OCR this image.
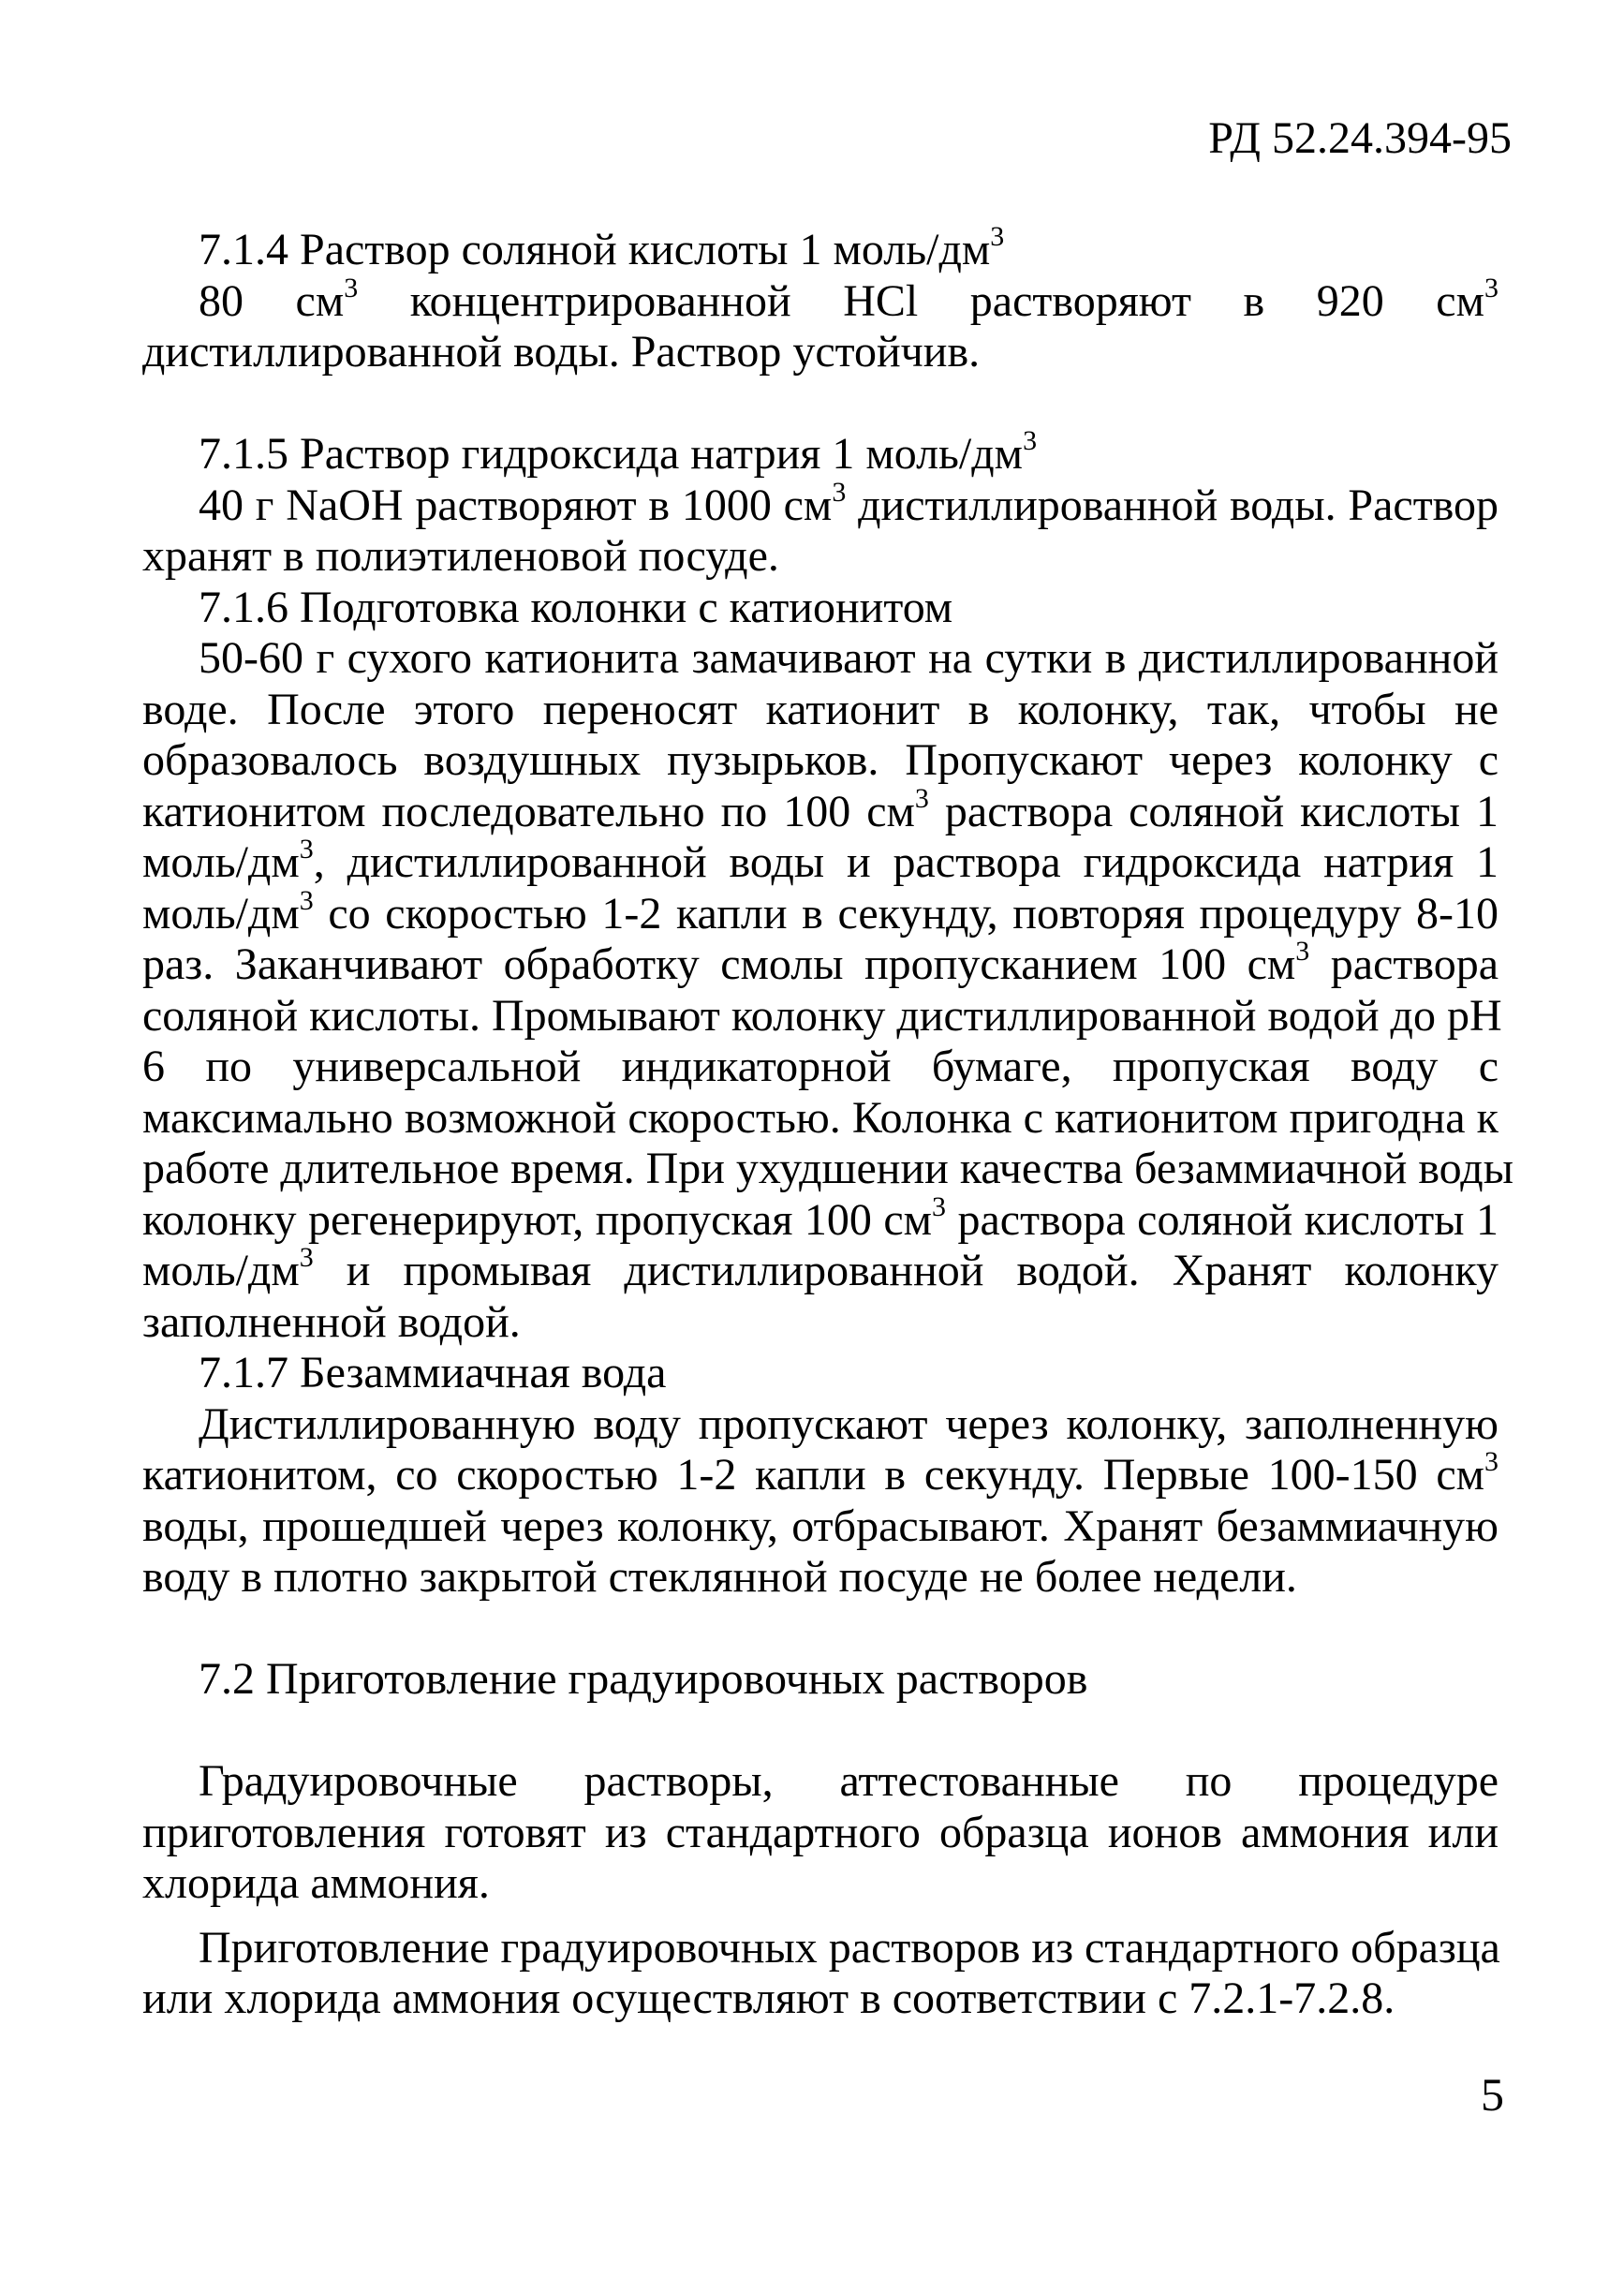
РД 52.24.394-95
7.1.4 Раствор соляной кислоты 1 моль/$дм^3$
80 $см^3$ концентрированной НCl растворяют в 920 $см^3$
дистиллированной воды. Раствор устойчив.
7.1.5 Раствор гидроксида натрия 1 моль/$дм^3$
40 г NaOH растворяют в 1000 $см^3$ дистиллированной воды. Раствор
хранят в полиэтиленовой посуде.
7.1.6 Подготовка колонки с катионитом
50-60 г сухого катионита замачивают на сутки в дистиллированной
воде. После этого переносят катионит в колонку, так, чтобы не
образовалось воздушных пузырьков. Пропускают через колонку с
катионитом последовательно по 100 $см^3$ раствора соляной кислоты 1
моль/$дм^3$, дистиллированной воды и раствора гидроксида натрия 1
моль/$дм^3$ со скоростью 1-2 капли в секунду, повторяя процедуру 8-10
раз. Заканчивают обработку смолы пропусканием 100 $см^3$ раствора
соляной кислоты. Промывают колонку дистиллированной водой до pH
6 по универсальной индикаторной бумаге, пропуская воду с
максимально возможной скоростью. Колонка с катионитом пригодна к
работе длительное время. При ухудшении качества безаммиачной воды
колонку регенерируют, пропуская 100 $см^3$ раствора соляной кислоты 1
моль/$дм^3$ и промывая дистиллированной водой. Хранят колонку
заполненной водой.
7.1.7 Безаммиачная вода
Дистиллированную воду пропускают через колонку, заполненную
катионитом, со скоростью 1-2 капли в секунду. Первые 100-150 $см^3$
воды, прошедшей через колонку, отбрасывают. Хранят безаммиачную
воду в плотно закрытой стеклянной посуде не более недели.
7.2 Приготовление градуировочных растворов
Градуировочные растворы, аттестованные по процедуре
приготовления готовят из стандартного образца ионов аммония или
хлорида аммония.
Приготовление градуировочных растворов из стандартного образца
или хлорида аммония осуществляют в соответствии с 7.2.1-7.2.8.
5
